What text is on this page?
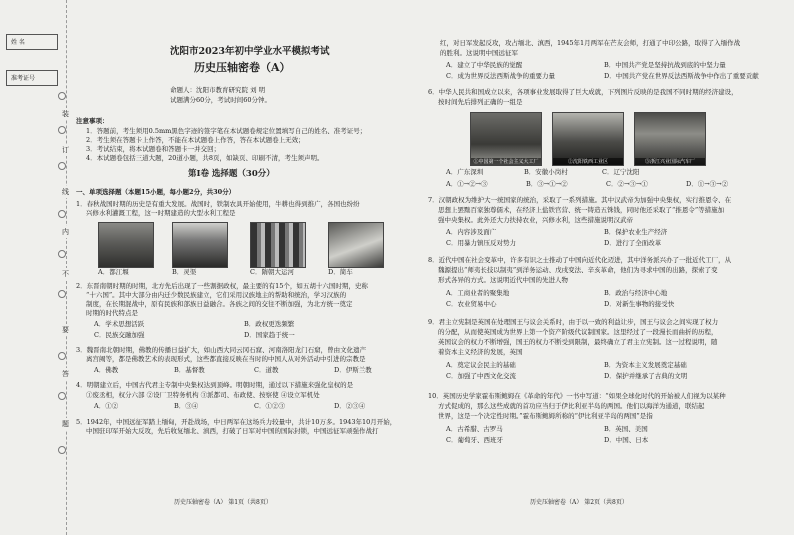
姓 名
准考证号
装
订
线
内
不
要
答
题
沈阳市2023年初中学业水平模拟考试
历史压轴密卷（A）
命题人：沈阳市教育研究院 刘 明
试题满分60分，考试时间60分钟。
注意事项：
1．答题前，考生须用0.5mm黑色字迹的签字笔在本试题卷规定位置填写自己的姓名、准考证号；
2．考生须在答题卡上作答，不能在本试题卷上作答，答在本试题卷上无效；
3．考试结束，将本试题卷和答题卡一并交回；
4．本试题卷包括三道大题，20道小题，共8页，如缺页、印刷不清，考生须声明。
第Ⅰ卷 选择题（30分）
一、单项选择题（本题15小题，每小题2分，共30分）
1．春秋战国时期的历史是有重大发展。战国时，铁制农具开始使用，牛耕也得到推广，各国也纷纷
兴修水利灌溉工程，这一时期建造的大型水利工程是
A．都江堰	B．灵渠	C．隋朝大运河	D．简车
2．东晋南朝时期的时期，北方先后出现了一些割据政权，最主要的有15个，如五胡十六国时期，史称
“十六国”。其中大部分由内迁少数民族建立，它们采用汉族地主的帮助和统治，学习汉族的
制度，在长期混战中，原有民族和部族日益融合。各族之间的交往不断加强，为北方统一奠定
时期的时代特点是
A．学术思想活跃	B．政权更迭频繁
C．民族交融加强	D．国家趋于统一
3．魏晋南北朝时期，佛教的传播日益扩大，如山西大同云冈石窟、河南洛阳龙门石窟，曾由文化遗产
离宫阙等，都是佛教艺术的表现形式，这些都直接反映在当时的中国人从对外活动中引进的宗教是
A．佛教	B．基督教	C．道教	D．伊斯兰教
4．明朝建立后，中国古代君主专制中央集权达到顶峰。明朝时期，通过以下措施来强化皇权的是
①废丞相，权分六部 ②设厂卫特务机构 ③派都司、布政使、按察使 ④设立军机处
A．①②	B．③④	C．①②③	D．②③④
5．1942年，中国远征军踏上缅甸，开赴战场，中日两军在这场兵力较量中，共计10万多。1943年10月开始，
中国驻印军开始大反攻，先后收复缅北、滇西，打破了日军对中国的国际封锁，中国远征军顽强作战打
历史压轴密卷（A） 第1页（共8页）
红，对日军发起反攻，攻占缅北、滇西，1945年1月两军在芒友会师，打通了中印公路，取得了入缅作战
的胜利。这说明中国远征军
A．建立了中华民族的觉醒	B．中国共产党是坚持抗战到底的中坚力量
C．成为世界反法西斯战争的重要力量	D．中国共产党在世界反法西斯战争中作出了重要贡献
6．中华人民共和国成立以来，各项事业发展取得了巨大成就，下列图片反映的是我国不同时期的经济建设，
按时间先后排列正确的一组是
①中国第一个社会主义大工厂	②沈阳铁西工业区	③浙江兴业国际汽车厂
A．广东深圳	B．安徽小岗村	C．辽宁沈阳
A．①→②→③	B．③→①→②	C．②→③→①	D．①→③→②
7．汉朝政权为维护大一统国家的统治，采取了一系列措施。其中汉武帝为加强中央集权，实行推恩令、在
思想上罢黜百家独尊儒术，在经济上盐铁官营、统一铸造五铢钱，同时他还采取了“推恩令”等措施加
强中央集权。此外还大力扶持农业，兴修水利，这些措施说明汉武帝
A．内容涉及面广	B．保护农业生产经济
C．用暴力镇压反对势力	D．进行了全面改革
8．近代中国在社会变革中，许多有识之士推动了中国向近代化迈进，其中洋务派兴办了一批近代工厂，从
魏源提出“师夷长技以制夷”到洋务运动、戊戌变法、辛亥革命，他们为寻求中国的出路，探索了变
形式各异的方式。这说明近代中国的先进人物
A．工商业者的聚集地	B．政治与经济中心地
C．农业贸易中心	D．对新生事物的接受快
9．君主立宪制是英国在处理国王与议会关系时，由于以一致的利益让步，国王与议会之间实现了权力
的分配，从而使英国成为世界上第一个资产阶级代议制国家。这里经过了一段漫长而曲折的历程，
英国议会的权力不断增强，国王的权力不断受到限制，最终确立了君主立宪制。这一过程说明，随
着资本主义经济的发展，英国
A．奠定议会民主的基础	B．为资本主义发展奠定基础
C．加强了中西文化交流	D．保护并继承了古典的文明
10．英国历史学家霍布斯鲍姆在《革命的年代》一书中写道：“如果全球化时代的开始被人们视为以某种
方式促成的，那么这些成就的首功应当归于伊比利亚半岛的两国。他们以海洋为通道，联结起
世界，这是一个决定性时期。”霍布斯鲍姆所称的“伊比利亚半岛的两国”是指
A．古希腊、古罗马	B．英国、美国
C．葡萄牙、西班牙	D．中国、日本
历史压轴密卷（A） 第2页（共8页）
